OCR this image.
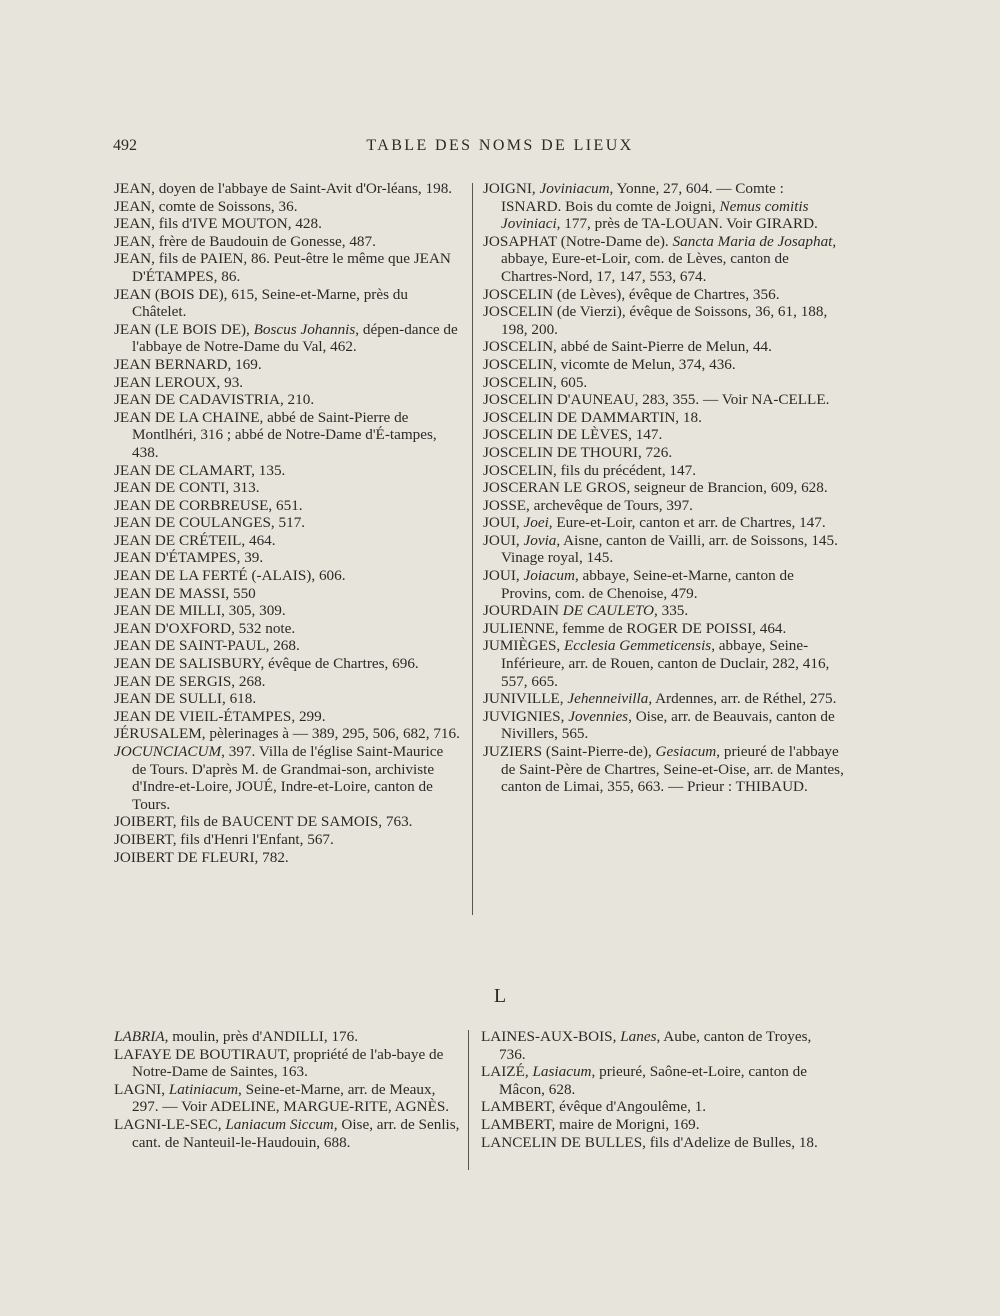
492	TABLE DES NOMS DE LIEUX

JEAN, doyen de l'abbaye de Saint-Avit d'Or-léans, 198.

JEAN, comte de Soissons, 36.

JEAN, fils d'IVE MOUTON, 428.

JEAN, frère de Baudouin de Gonesse, 487.

JEAN, fils de PAIEN, 86. Peut-être le même que JEAN D'ÉTAMPES, 86.

JEAN (BOIS DE), 615, Seine-et-Marne, près du Châtelet.

JEAN (LE BOIS DE), Boscus Johannis, dépen-dance de l'abbaye de Notre-Dame du Val, 462.

JEAN BERNARD, 169.

JEAN LEROUX, 93.

JEAN DE CADAVISTRIA, 210.

JEAN DE LA CHAINE, abbé de Saint-Pierre de Montlhéri, 316 ; abbé de Notre-Dame d'É-tampes, 438.

JEAN DE CLAMART, 135.

JEAN DE CONTI, 313.

JEAN DE CORBREUSE, 651.

JEAN DE COULANGES, 517.

JEAN DE CRÉTEIL, 464.

JEAN D'ÉTAMPES, 39.

JEAN DE LA FERTÉ (-ALAIS), 606.

JEAN DE MASSI, 550

JEAN DE MILLI, 305, 309.

JEAN D'OXFORD, 532 note.

JEAN DE SAINT-PAUL, 268.

JEAN DE SALISBURY, évêque de Chartres, 696.

JEAN DE SERGIS, 268.

JEAN DE SULLI, 618.

JEAN DE VIEIL-ÉTAMPES, 299.

JÉRUSALEM, pèlerinages à — 389, 295, 506, 682, 716.

JOCUNCIACUM, 397. Villa de l'église Saint-Maurice de Tours. D'après M. de Grandmai-son, archiviste d'Indre-et-Loire, JOUÉ, Indre-et-Loire, canton de Tours.

JOIBERT, fils de BAUCENT DE SAMOIS, 763.

JOIBERT, fils d'Henri l'Enfant, 567.

JOIBERT DE FLEURI, 782.

JOIGNI, Joviniacum, Yonne, 27, 604. — Comte : ISNARD. Bois du comte de Joigni, Nemus comitis Joviniaci, 177, près de TA-LOUAN. Voir GIRARD.

JOSAPHAT (Notre-Dame de). Sancta Maria de Josaphat, abbaye, Eure-et-Loir, com. de Lèves, canton de Chartres-Nord, 17, 147, 553, 674.

JOSCELIN (de Lèves), évêque de Chartres, 356.

JOSCELIN (de Vierzi), évêque de Soissons, 36, 61, 188, 198, 200.

JOSCELIN, abbé de Saint-Pierre de Melun, 44.

JOSCELIN, vicomte de Melun, 374, 436.

JOSCELIN, 605.

JOSCELIN D'AUNEAU, 283, 355. — Voir NA-CELLE.

JOSCELIN DE DAMMARTIN, 18.

JOSCELIN DE LÈVES, 147.

JOSCELIN DE THOURI, 726.

JOSCELIN, fils du précédent, 147.

JOSCERAN LE GROS, seigneur de Brancion, 609, 628.

JOSSE, archevêque de Tours, 397.

JOUI, Joei, Eure-et-Loir, canton et arr. de Chartres, 147.

JOUI, Jovia, Aisne, canton de Vailli, arr. de Soissons, 145. Vinage royal, 145.

JOUI, Joiacum, abbaye, Seine-et-Marne, canton de Provins, com. de Chenoise, 479.

JOURDAIN DE CAULETO, 335.

JULIENNE, femme de ROGER DE POISSI, 464.

JUMIÈGES, Ecclesia Gemmeticensis, abbaye, Seine-Inférieure, arr. de Rouen, canton de Duclair, 282, 416, 557, 665.

JUNIVILLE, Jehenneivilla, Ardennes, arr. de Réthel, 275.

JUVIGNIES, Jovennies, Oise, arr. de Beauvais, canton de Nivillers, 565.

JUZIERS (Saint-Pierre-de), Gesiacum, prieuré de l'abbaye de Saint-Père de Chartres, Seine-et-Oise, arr. de Mantes, canton de Limai, 355, 663. — Prieur : THIBAUD.

L

LABRIA, moulin, près d'ANDILLI, 176.

LAFAYE DE BOUTIRAUT, propriété de l'ab-baye de Notre-Dame de Saintes, 163.

LAGNI, Latiniacum, Seine-et-Marne, arr. de Meaux, 297. — Voir ADELINE, MARGUE-RITE, AGNÈS.

LAGNI-LE-SEC, Laniacum Siccum, Oise, arr. de Senlis, cant. de Nanteuil-le-Haudouin, 688.

LAINES-AUX-BOIS, Lanes, Aube, canton de Troyes, 736.

LAIZÉ, Lasiacum, prieuré, Saône-et-Loire, canton de Mâcon, 628.

LAMBERT, évêque d'Angoulême, 1.

LAMBERT, maire de Morigni, 169.

LANCELIN DE BULLES, fils d'Adelize de Bulles, 18.
